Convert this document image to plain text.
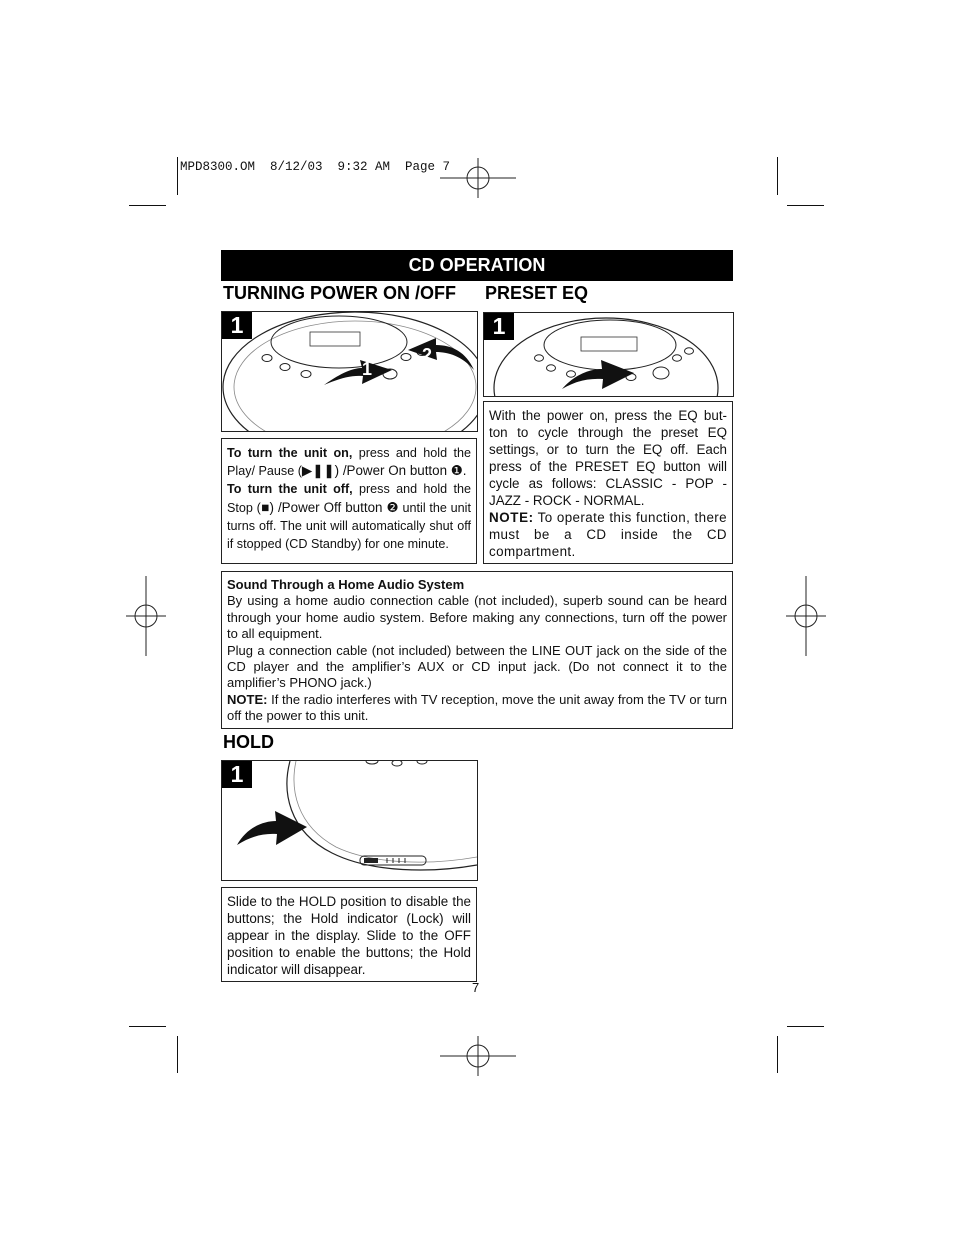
MPD8300.OM  8/12/03  9:32 AM  Page 7
CD OPERATION
TURNING POWER ON /OFF PRESET EQ
1
1
2
To turn the unit on, press and hold the Play/ Pause (▶❚❚) /Power On button ❶.
To turn the unit off, press and hold the Stop (■) /Power Off button ❷ until the unit turns off. The unit will automatically shut off if stopped (CD Standby) for one minute.
1

With the power on, press the EQ but-ton to cycle through the preset EQ settings, or to turn the EQ off. Each press of the PRESET EQ button will cycle as follows: CLASSIC - POP - JAZZ - ROCK - NORMAL.
NOTE: To operate this function, there must be a CD inside the CD compartment.

Sound Through a Home Audio System

By using a home audio connection cable (not included), superb sound can be heard through your home audio system. Before making any connections, turn off the power to all equipment.

Plug a connection cable (not included) between the LINE OUT jack on the side of the CD player and the amplifier’s AUX or CD input jack. (Do not connect it to the amplifier’s PHONO jack.)

NOTE: If the radio interferes with TV reception, move the unit away from the TV or turn off the power to this unit.

HOLD
1

Slide to the HOLD position to disable the buttons; the Hold indicator (Lock) will appear in the display. Slide to the OFF position to enable the buttons; the Hold indicator will disappear.

7
